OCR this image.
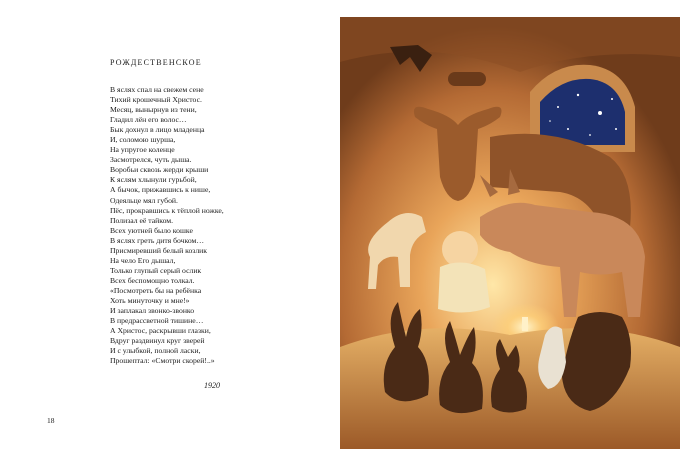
РОЖДЕСТВЕНСКОЕ
В яслях спал на свежем сене
Тихий крошечный Христос.
Месяц, вынырнув из тени,
Гладил лён его волос…
Бык дохнул в лицо младенца
И, соломою шурша,
На упругое коленце
Засмотрелся, чуть дыша.
Воробьи сквозь жерди крыши
К яслям хлынули гурьбой,
А бычок, прижавшись к нише,
Одеяльце мял губой.
Пёс, прокравшись к тёплой ножке,
Полизал её тайком.
Всех уютней было кошке
В яслях греть дитя бочком…
Присмиревший белый козлик
На чело Его дышал,
Только глупый серый ослик
Всех беспомощно толкал.
«Посмотреть бы на ребёнка
Хоть минуточку и мне!»
И заплакал звонко-звонко
В предрассветной тишине…
А Христос, раскрывши глазки,
Вдруг раздвинул круг зверей
И с улыбкой, полной ласки,
Прошептал: «Смотри скорей!..»

1920

18
